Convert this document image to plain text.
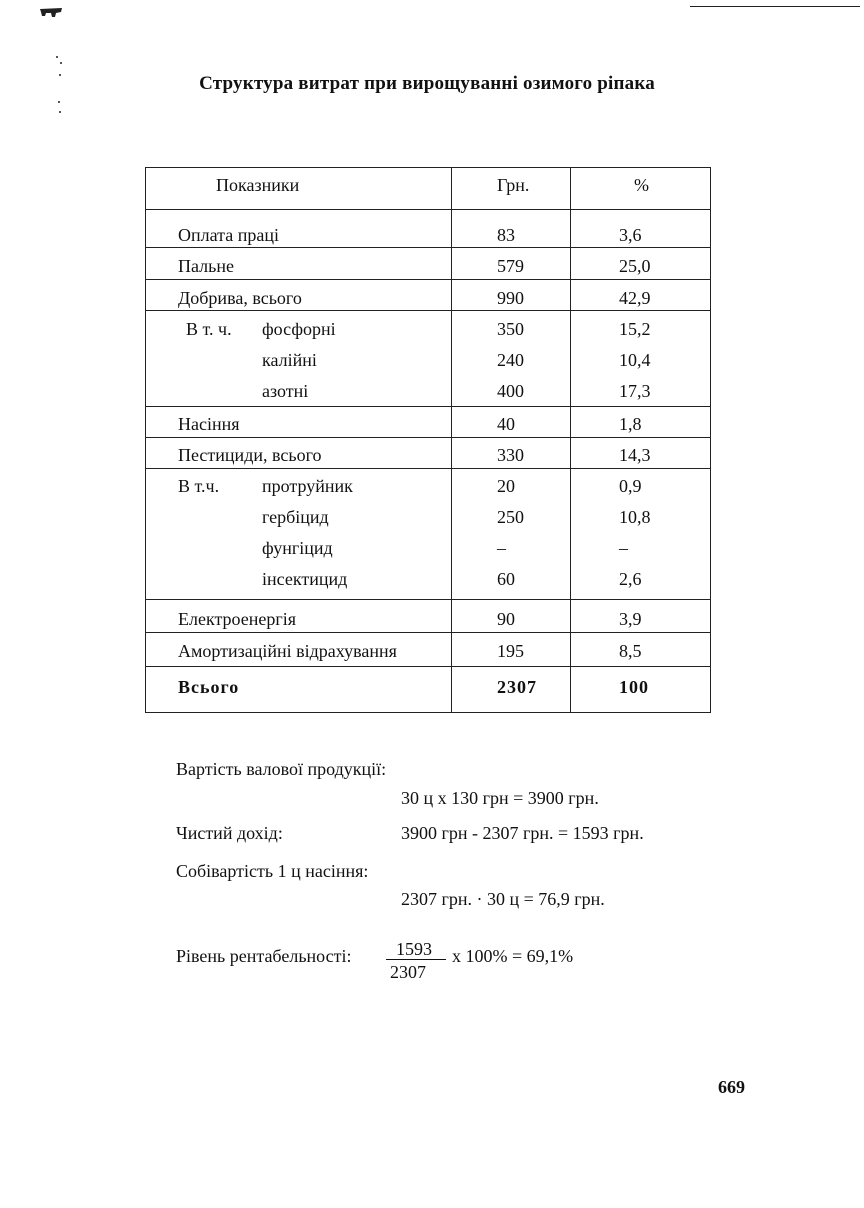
Структура витрат при вирощуванні озимого ріпака
Показники	Грн.	%
Оплата праці	83	3,6
Пальне	579	25,0
Добрива, всього	990	42,9
В т. ч. фосфорні	350	15,2
калійні	240	10,4
азотні	400	17,3
Насіння	40	1,8
Пестициди, всього	330	14,3
В т.ч. протруйник	20	0,9
гербіцид	250	10,8
фунгіцид	–	–
інсектицид	60	2,6
Електроенергія	90	3,9
Амортизаційні відрахування	195	8,5
Всього	2307	100
Вартість валової продукції:
30 ц х 130 грн = 3900 грн.
Чистий дохід:	3900 грн - 2307 грн. = 1593 грн.
Собівартість 1 ц насіння:
2307 грн. · 30 ц = 76,9 грн.
Рівень рентабельності: 1593
2307
х 100% = 69,1%
669
